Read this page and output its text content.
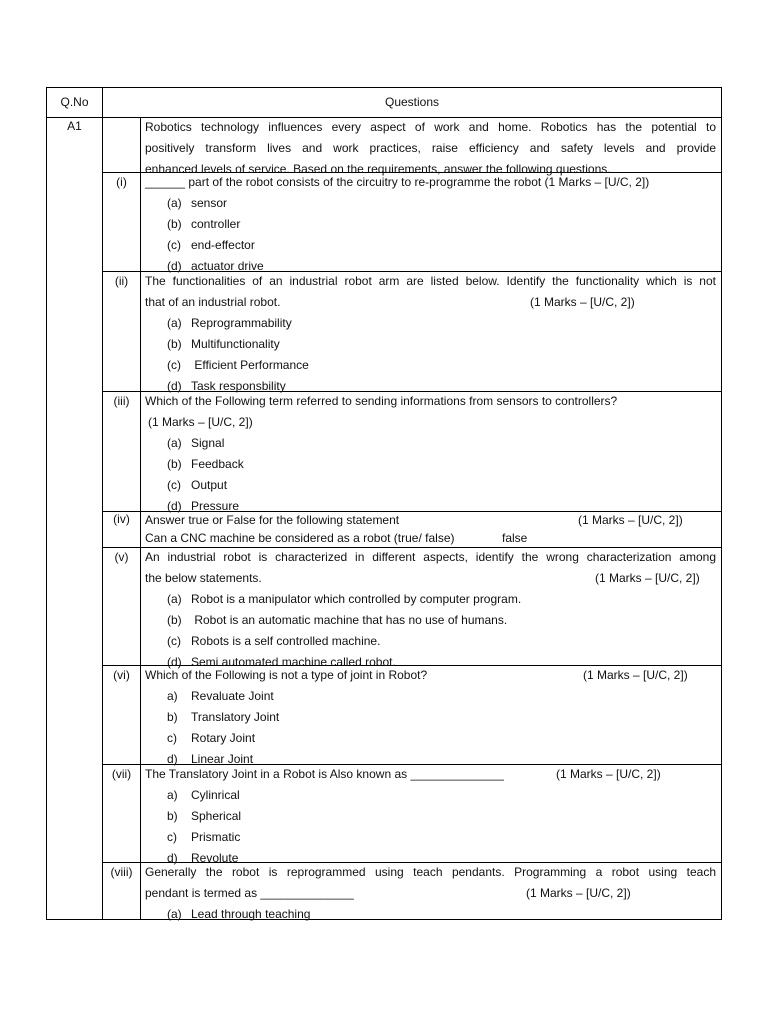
Q.No	Questions
A1	Robotics technology influences every aspect of work and home. Robotics has the potential to
positively transform lives and work practices, raise efficiency and safety levels and provide
enhanced levels of service. Based on the requirements, answer the following questions.
(i)	______ part of the robot consists of the circuitry to re-programme the robot (1 Marks – [U/C, 2])
(a) sensor
(b) controller
(c) end-effector
(d) actuator drive
(ii)	The functionalities of an industrial robot arm are listed below. Identify the functionality which is not
that of an industrial robot.	(1 Marks – [U/C, 2])
(a) Reprogrammability
(b) Multifunctionality
(c) Efficient Performance
(d) Task responsbility
(iii)	Which of the Following term referred to sending informations from sensors to controllers?
(1 Marks – [U/C, 2])
(a) Signal
(b) Feedback
(c) Output
(d) Pressure
(iv)	Answer true or False for the following statement	(1 Marks – [U/C, 2])
Can a CNC machine be considered as a robot (true/ false)	false
(v)	An industrial robot is characterized in different aspects, identify the wrong characterization among
the below statements.	(1 Marks – [U/C, 2])
(a) Robot is a manipulator which controlled by computer program.
(b) Robot is an automatic machine that has no use of humans.
(c) Robots is a self controlled machine.
(d) Semi automated machine called robot.
(vi)	Which of the Following is not a type of joint in Robot?	(1 Marks – [U/C, 2])
a) Revaluate Joint
b) Translatory Joint
c) Rotary Joint
d) Linear Joint
(vii)	The Translatory Joint in a Robot is Also known as ______________	(1 Marks – [U/C, 2])
a) Cylinrical
b) Spherical
c) Prismatic
d) Revolute
(viii)	Generally the robot is reprogrammed using teach pendants. Programming a robot using teach
pendant is termed as ______________	(1 Marks – [U/C, 2])
(a) Lead through teaching
